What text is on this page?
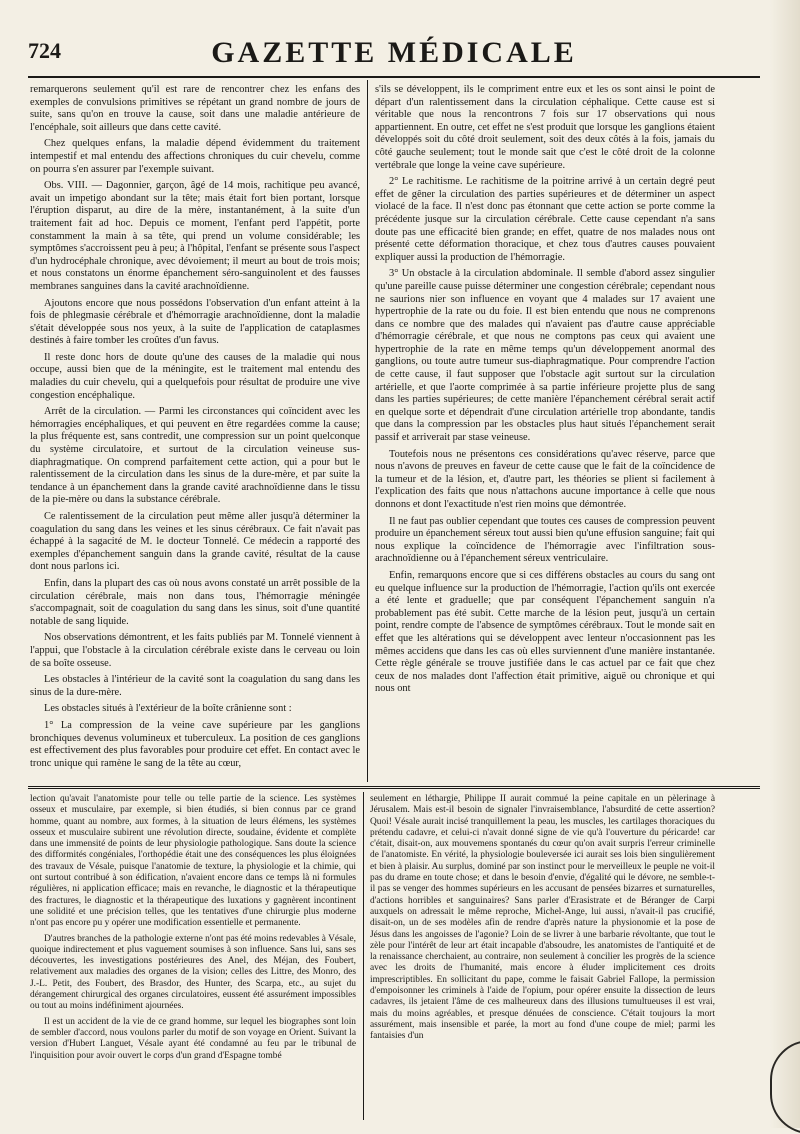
724	GAZETTE MÉDICALE

remarquerons seulement qu'il est rare de rencontrer chez les enfans des exemples de convulsions primitives se répétant un grand nombre de jours de suite, sans qu'on en trouve la cause, soit dans une maladie antérieure de l'encéphale, soit ailleurs que dans cette cavité.

Chez quelques enfans, la maladie dépend évidemment du traitement intempestif et mal entendu des affections chroniques du cuir chevelu, comme on pourra s'en assurer par l'exemple suivant.

Obs. VIII. — Dagonnier, garçon, âgé de 14 mois, rachitique peu avancé, avait un impetigo abondant sur la tête; mais était fort bien portant, lorsque l'éruption disparut, au dire de la mère, instantanément, à la suite d'un traitement fait ad hoc. Depuis ce moment, l'enfant perd l'appétit, porte constamment la main à sa tête, qui prend un volume considérable; les symptômes s'accroissent peu à peu; à l'hôpital, l'enfant se présente sous l'aspect d'un hydrocéphale chronique, avec dévoiement; il meurt au bout de trois mois; et nous constatons un énorme épanchement séro-sanguinolent et des fausses membranes sanguines dans la cavité arachnoïdienne.

Ajoutons encore que nous possédons l'observation d'un enfant atteint à la fois de phlegmasie cérébrale et d'hémorragie arachnoïdienne, dont la maladie s'était développée sous nos yeux, à la suite de l'application de cataplasmes destinés à faire tomber les croûtes d'un favus.

Il reste donc hors de doute qu'une des causes de la maladie qui nous occupe, aussi bien que de la méningite, est le traitement mal entendu des maladies du cuir chevelu, qui a quelquefois pour résultat de produire une vive congestion encéphalique.

Arrêt de la circulation. — Parmi les circonstances qui coïncident avec les hémorragies encéphaliques, et qui peuvent en être regardées comme la cause; la plus fréquente est, sans contredit, une compression sur un point quelconque du système circulatoire, et surtout de la circulation veineuse sus-diaphragmatique. On comprend parfaitement cette action, qui a pour but le ralentissement de la circulation dans les sinus de la dure-mère, et par suite la tendance à un épanchement dans la grande cavité arachnoïdienne dans le tissu de la pie-mère ou dans la substance cérébrale.

Ce ralentissement de la circulation peut même aller jusqu'à déterminer la coagulation du sang dans les veines et les sinus cérébraux. Ce fait n'avait pas échappé à la sagacité de M. le docteur Tonnelé. Ce médecin a rapporté des exemples d'épanchement sanguin dans la grande cavité, résultat de la cause dont nous parlons ici.

Enfin, dans la plupart des cas où nous avons constaté un arrêt possible de la circulation cérébrale, mais non dans tous, l'hémorragie méningée s'accompagnait, soit de coagulation du sang dans les sinus, soit d'une quantité notable de sang liquide.

Nos observations démontrent, et les faits publiés par M. Tonnelé viennent à l'appui, que l'obstacle à la circulation cérébrale existe dans le cerveau ou loin de sa boîte osseuse.

Les obstacles à l'intérieur de la cavité sont la coagulation du sang dans les sinus de la dure-mère.

Les obstacles situés à l'extérieur de la boîte crânienne sont :

1° La compression de la veine cave supérieure par les ganglions bronchiques devenus volumineux et tuberculeux. La position de ces ganglions est effectivement des plus favorables pour produire cet effet. En contact avec le tronc unique qui ramène le sang de la tête au cœur,

s'ils se développent, ils le compriment entre eux et les os sont ainsi le point de départ d'un ralentissement dans la circulation céphalique. Cette cause est si véritable que nous la rencontrons 7 fois sur 17 observations qui nous appartiennent. En outre, cet effet ne s'est produit que lorsque les ganglions étaient développés soit du côté droit seulement, soit des deux côtés à la fois, jamais du côté gauche seulement; tout le monde sait que c'est le côté droit de la colonne vertébrale que longe la veine cave supérieure.

2° Le rachitisme. Le rachitisme de la poitrine arrivé à un certain degré peut effet de gêner la circulation des parties supérieures et de déterminer un aspect violacé de la face. Il n'est donc pas étonnant que cette action se porte comme la précédente jusque sur la circulation cérébrale. Cette cause cependant n'a sans doute pas une efficacité bien grande; en effet, quatre de nos malades nous ont présenté cette déformation thoracique, et chez tous d'autres causes pouvaient expliquer aussi la production de l'hémorragie.

3° Un obstacle à la circulation abdominale. Il semble d'abord assez singulier qu'une pareille cause puisse déterminer une congestion cérébrale; cependant nous ne saurions nier son influence en voyant que 4 malades sur 17 avaient une hypertrophie de la rate ou du foie. Il est bien entendu que nous ne comprenons dans ce nombre que des malades qui n'avaient pas d'autre cause appréciable d'hémorragie cérébrale, et que nous ne comptons pas ceux qui avaient une hypertrophie de la rate en même temps qu'un développement anormal des ganglions, ou toute autre tumeur sus-diaphragmatique. Pour comprendre l'action de cette cause, il faut supposer que l'obstacle agit surtout sur la circulation artérielle, et que l'aorte comprimée à sa partie inférieure projette plus de sang dans les parties supérieures; de cette manière l'épanchement cérébral serait actif en quelque sorte et dépendrait d'une circulation artérielle trop abondante, tandis que dans la compression par les obstacles plus haut situés l'épanchement serait passif et arriverait par stase veineuse.

Toutefois nous ne présentons ces considérations qu'avec réserve, parce que nous n'avons de preuves en faveur de cette cause que le fait de la coïncidence de la tumeur et de la lésion, et, d'autre part, les théories se plient si facilement à l'explication des faits que nous n'attachons aucune importance à celle que nous donnons et dont l'exactitude n'est rien moins que démontrée.

Il ne faut pas oublier cependant que toutes ces causes de compression peuvent produire un épanchement séreux tout aussi bien qu'une effusion sanguine; fait qui nous explique la coïncidence de l'hémorragie avec l'infiltration sous-arachnoïdienne ou à l'épanchement séreux ventriculaire.

Enfin, remarquons encore que si ces différens obstacles au cours du sang ont eu quelque influence sur la production de l'hémorragie, l'action qu'ils ont exercée a été lente et graduelle; que par conséquent l'épanchement sanguin n'a probablement pas été subit. Cette marche de la lésion peut, jusqu'à un certain point, rendre compte de l'absence de symptômes cérébraux. Tout le monde sait en effet que les altérations qui se développent avec lenteur n'occasionnent pas les mêmes accidens que dans les cas où elles surviennent d'une manière instantanée. Cette règle générale se trouve justifiée dans le cas actuel par ce fait que chez ceux de nos malades dont l'affection était primitive, aiguë ou chronique et qui nous ont

lection qu'avait l'anatomiste pour telle ou telle partie de la science. Les systèmes osseux et musculaire, par exemple, si bien étudiés, si bien connus par ce grand homme, quant au nombre, aux formes, à la situation de leurs élémens, les systèmes osseux et musculaire subirent une révolution directe, soudaine, évidente et complète dans une immensité de points de leur physiologie pathologique. Sans doute la science des difformités congéniales, l'orthopédie était une des conséquences les plus éloignées des travaux de Vésale, puisque l'anatomie de texture, la physiologie et la chimie, qui ont surtout contribué à son édification, n'avaient encore dans ce temps là ni formules régulières, ni application efficace; mais en revanche, le diagnostic et la thérapeutique des fractures, le diagnostic et la thérapeutique des luxations y gagnèrent incontinent une solidité et une précision telles, que les tentatives d'une chirurgie plus moderne n'ont pas encore pu y opérer une modification essentielle et permanente.

D'autres branches de la pathologie externe n'ont pas été moins redevables à Vésale, quoique indirectement et plus vaguement soumises à son influence. Sans lui, sans ses découvertes, les investigations postérieures des Anel, des Méjan, des Foubert, relativement aux maladies des organes de la vision; celles des Littre, des Monro, des J.-L. Petit, des Foubert, des Brasdor, des Hunter, des Scarpa, etc., au sujet du dérangement chirurgical des organes circulatoires, eussent été assurément impossibles ou tout au moins indéfiniment ajournées.

Il est un accident de la vie de ce grand homme, sur lequel les biographes sont loin de sembler d'accord, nous voulons parler du motif de son voyage en Orient. Suivant la version d'Hubert Languet, Vésale ayant été condamné au feu par le tribunal de l'inquisition pour avoir ouvert le corps d'un grand d'Espagne tombé

seulement en léthargie, Philippe II aurait commué la peine capitale en un pèlerinage à Jérusalem. Mais est-il besoin de signaler l'invraisemblance, l'absurdité de cette assertion? Quoi! Vésale aurait incisé tranquillement la peau, les muscles, les cartilages thoraciques du prétendu cadavre, et celui-ci n'avait donné signe de vie qu'à l'ouverture du péricarde! car c'était, disait-on, aux mouvemens spontanés du cœur qu'on avait surpris l'erreur criminelle de l'anatomiste. En vérité, la physiologie bouleversée ici aurait ses lois bien singulièrement et bien à plaisir. Au surplus, dominé par son instinct pour le merveilleux le peuple ne voit-il pas du drame en toute chose; et dans le besoin d'envie, d'égalité qui le dévore, ne semble-t-il pas se venger des hommes supérieurs en les accusant de pensées bizarres et surnaturelles, d'actions horribles et sanguinaires? Sans parler d'Erasistrate et de Béranger de Carpi auxquels on adressait le même reproche, Michel-Ange, lui aussi, n'avait-il pas crucifié, disait-on, un de ses modèles afin de rendre d'après nature la physionomie et la pose de Jésus dans les angoisses de l'agonie? Loin de se livrer à une barbarie révoltante, que tout le zèle pour l'intérêt de leur art était incapable d'absoudre, les anatomistes de l'antiquité et de la renaissance cherchaient, au contraire, non seulement à concilier les progrès de la science avec les droits de l'humanité, mais encore à éluder implicitement ces droits imprescriptibles. En sollicitant du pape, comme le faisait Gabriel Fallope, la permission d'empoisonner les criminels à l'aide de l'opium, pour opérer ensuite la dissection de leurs cadavres, ils jetaient l'âme de ces malheureux dans des illusions tumultueuses il est vrai, mais du moins agréables, et presque dénuées de conscience. C'était toujours la mort assurément, mais insensible et parée, la mort au fond d'une coupe de miel; parmi les fantaisies d'un
